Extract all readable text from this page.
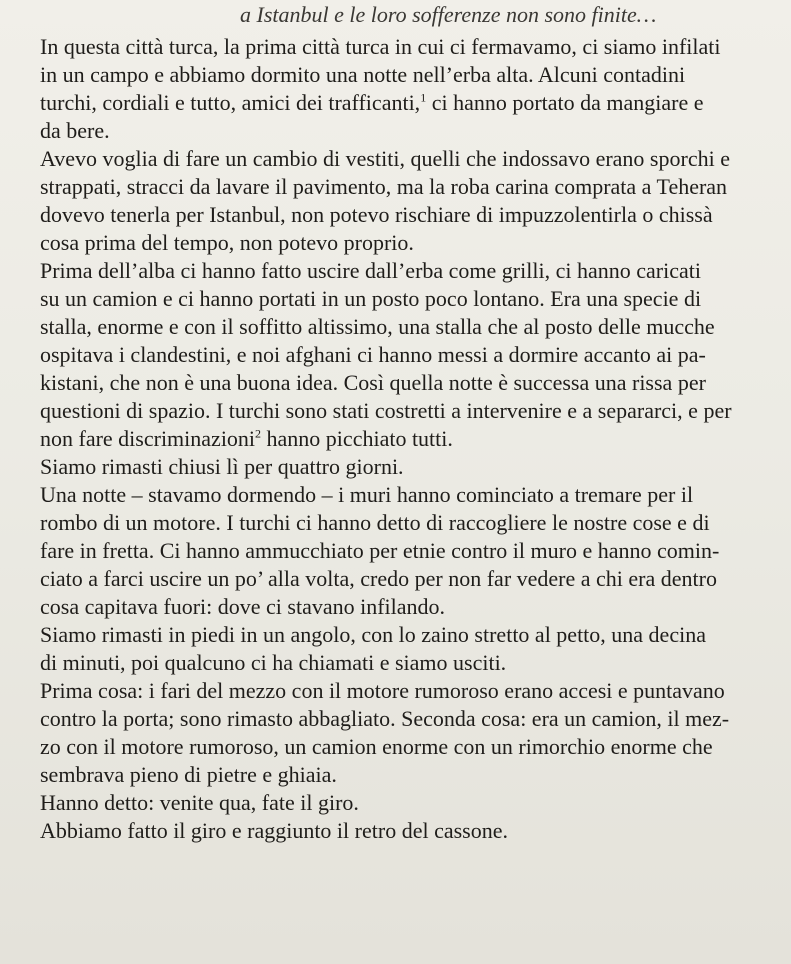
a Istanbul e le loro sofferenze non sono finite…
In questa città turca, la prima città turca in cui ci fermavamo, ci siamo infilati
in un campo e abbiamo dormito una notte nell’erba alta. Alcuni contadini
turchi, cordiali e tutto, amici dei trafficanti,$^1$ ci hanno portato da mangiare e
da bere.
Avevo voglia di fare un cambio di vestiti, quelli che indossavo erano sporchi e
strappati, stracci da lavare il pavimento, ma la roba carina comprata a Teheran
dovevo tenerla per Istanbul, non potevo rischiare di impuzzolentirla o chissà
cosa prima del tempo, non potevo proprio.
Prima dell’alba ci hanno fatto uscire dall’erba come grilli, ci hanno caricati
su un camion e ci hanno portati in un posto poco lontano. Era una specie di
stalla, enorme e con il soffitto altissimo, una stalla che al posto delle mucche
ospitava i clandestini, e noi afghani ci hanno messi a dormire accanto ai pa-
kistani, che non è una buona idea. Così quella notte è successa una rissa per
questioni di spazio. I turchi sono stati costretti a intervenire e a separarci, e per
non fare discriminazioni$^2$ hanno picchiato tutti.
Siamo rimasti chiusi lì per quattro giorni.
Una notte – stavamo dormendo – i muri hanno cominciato a tremare per il
rombo di un motore. I turchi ci hanno detto di raccogliere le nostre cose e di
fare in fretta. Ci hanno ammucchiato per etnie contro il muro e hanno comin-
ciato a farci uscire un po’ alla volta, credo per non far vedere a chi era dentro
cosa capitava fuori: dove ci stavano infilando.
Siamo rimasti in piedi in un angolo, con lo zaino stretto al petto, una decina
di minuti, poi qualcuno ci ha chiamati e siamo usciti.
Prima cosa: i fari del mezzo con il motore rumoroso erano accesi e puntavano
contro la porta; sono rimasto abbagliato. Seconda cosa: era un camion, il mez-
zo con il motore rumoroso, un camion enorme con un rimorchio enorme che
sembrava pieno di pietre e ghiaia.
Hanno detto: venite qua, fate il giro.
Abbiamo fatto il giro e raggiunto il retro del cassone.
